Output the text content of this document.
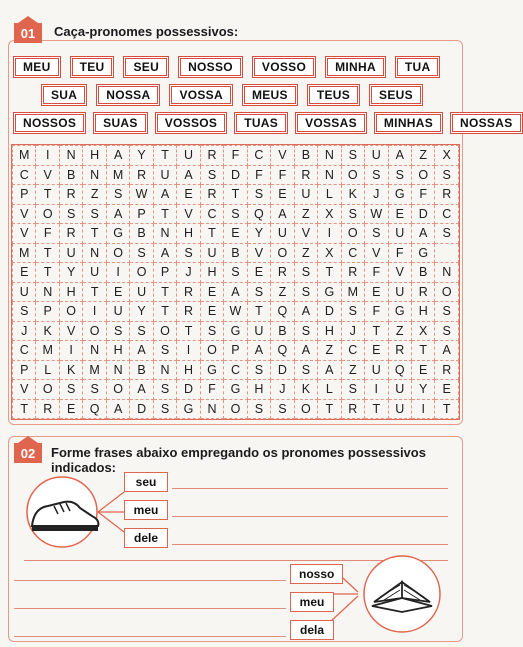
01	Caça-pronomes possessivos:
MEU	TEU	SEU	NOSSO	VOSSO	MINHA	TUA
SUA	NOSSA	VOSSA	MEUS	TEUS	SEUS
NOSSOS	SUAS	VOSSOS	TUAS	VOSSAS	MINHAS	NOSSAS
M	I	N	H	A	Y	T	U	R	F	C	V	B	N	S	U	A	Z	X
C	V	B	N	M	R	U	A	S	D	F	F	R	N	O	S	S	O	S
P	T	R	Z	S	W	A	E	R	T	S	E	U	L	K	J	G	F	R
V	O	S	S	A	P	T	V	C	S	Q	A	Z	X	S	W	E	D	C
V	F	R	T	G	B	N	H	T	E	Y	U	V	I	O	S	U	A	S
M	T	U	N	O	S	A	S	U	B	V	O	Z	X	C	V	F	G	
E	T	Y	U	I	O	P	J	H	S	E	R	S	T	R	F	V	B	N
U	N	H	T	E	U	T	R	E	A	S	Z	S	G	M	E	U	R	O
S	P	O	I	U	Y	T	R	E	W	T	Q	A	D	S	F	G	H	S
J	K	V	O	S	S	O	T	S	G	U	B	S	H	J	T	Z	X	S
C	M	I	N	H	A	S	I	O	P	A	Q	A	Z	C	E	R	T	A
P	L	K	M	N	B	N	H	G	C	S	D	S	A	Z	U	Q	E	R
V	O	S	S	O	A	S	D	F	G	H	J	K	L	S	I	U	Y	E
T	R	E	Q	A	D	S	G	N	O	S	S	O	T	R	T	U	I	T
02	Forme frases abaixo empregando os pronomes possessivos indicados:
seu
meu
dele
nosso
meu
dela
